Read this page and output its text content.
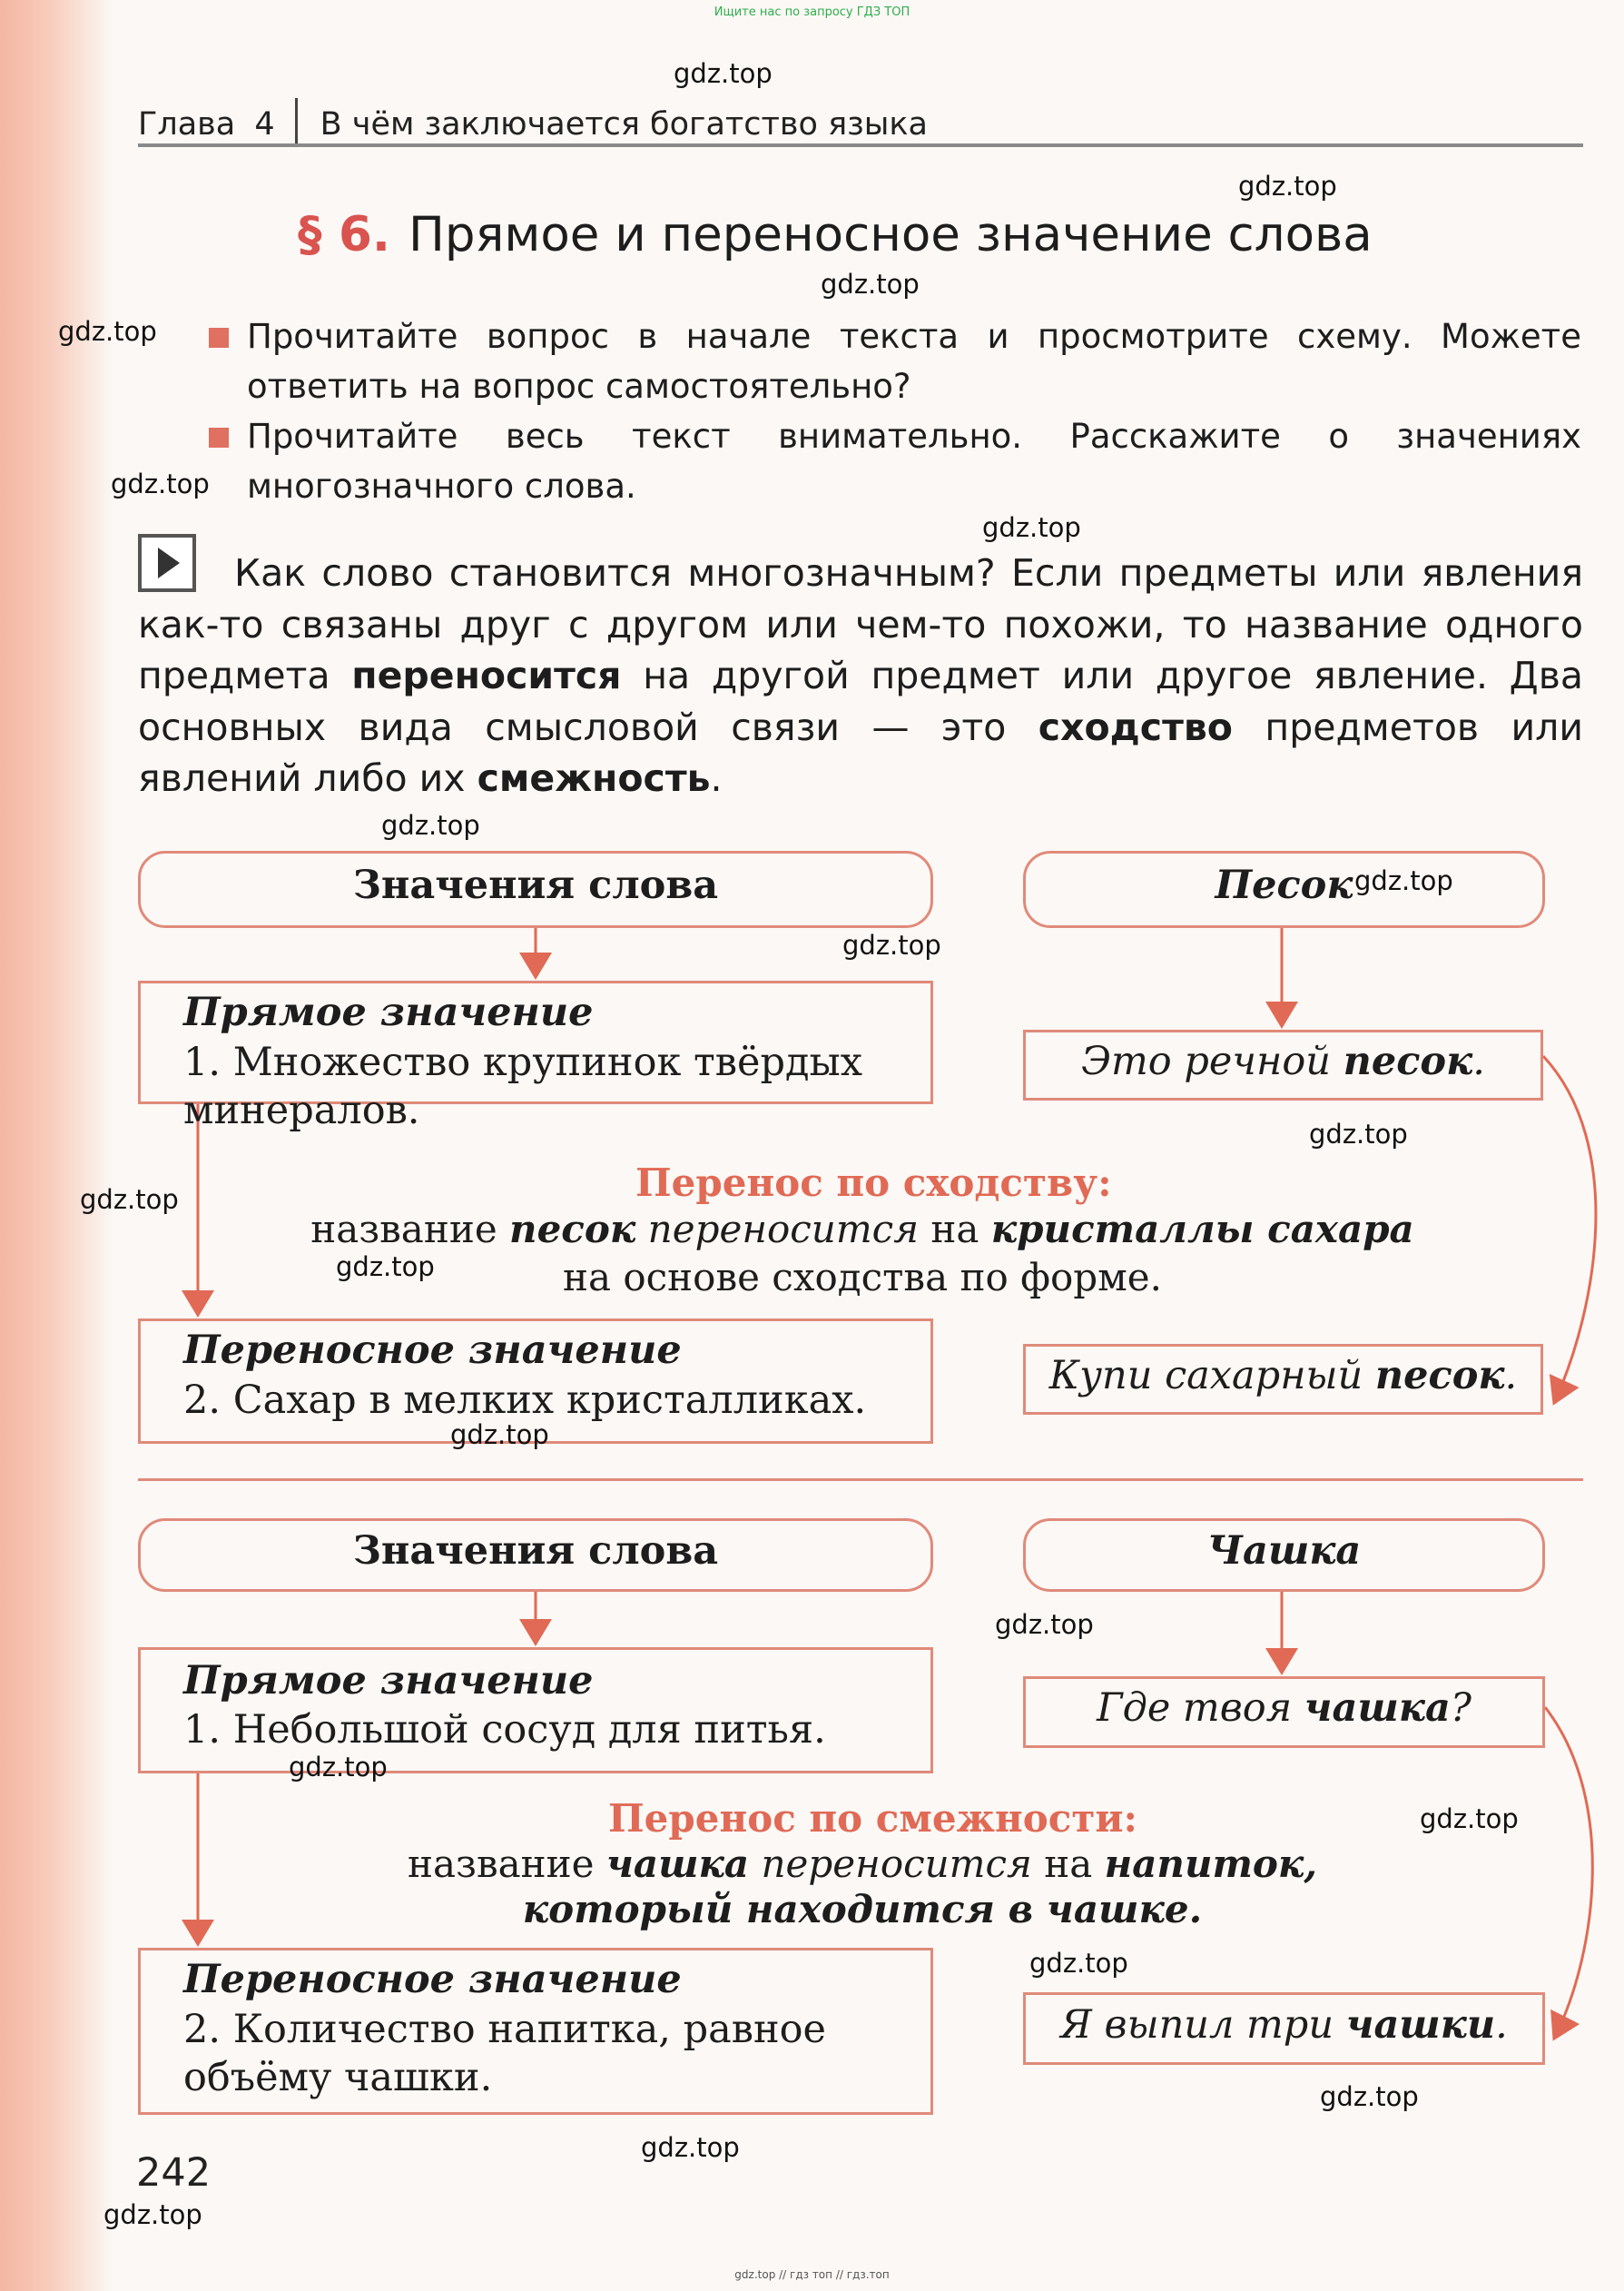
Ищите нас по запросу ГДЗ ТОП
Глава 4 В чём заключается богатство языка
§ 6. Прямое и переносное значение слова
Прочитайте вопрос в начале текста и просмотрите схему. Можете ответить на вопрос самостоятельно?
Прочитайте весь текст внимательно. Расскажите о значениях многозначного слова.
Как слово становится многозначным? Если предметы или явления как-то связаны друг с другом или чем-то похожи, то название одного предмета переносится на другой предмет или другое явление. Два основных вида смысловой связи — это сходство предметов или явлений либо их смежность.
Значения слова	Песок
Прямое значение
1. Множество крупинок твёрдых
минералов.
Это речной песок.
Перенос по сходству:
название песок переносится на кристаллы сахара
на основе сходства по форме.
Переносное значение
2. Сахар в мелких кристалликах.
Купи сахарный песок.
Значения слова	Чашка
Прямое значение
1. Небольшой сосуд для питья.	Где твоя чашка?
Перенос по смежности:
название чашка переносится на напиток,
который находится в чашке.
Переносное значение
2. Количество напитка, равное
объёму чашки.
Я выпил три чашки.
242
gdz.top
gdz.top
gdz.top
gdz.top
gdz.top
gdz.top
gdz.top
gdz.top
gdz.top
gdz.top
gdz.top
gdz.top
gdz.top
gdz.top
gdz.top
gdz.top
gdz.top
gdz.top
gdz.top
gdz.top
gdz.top // гдз топ // гдз.топ
